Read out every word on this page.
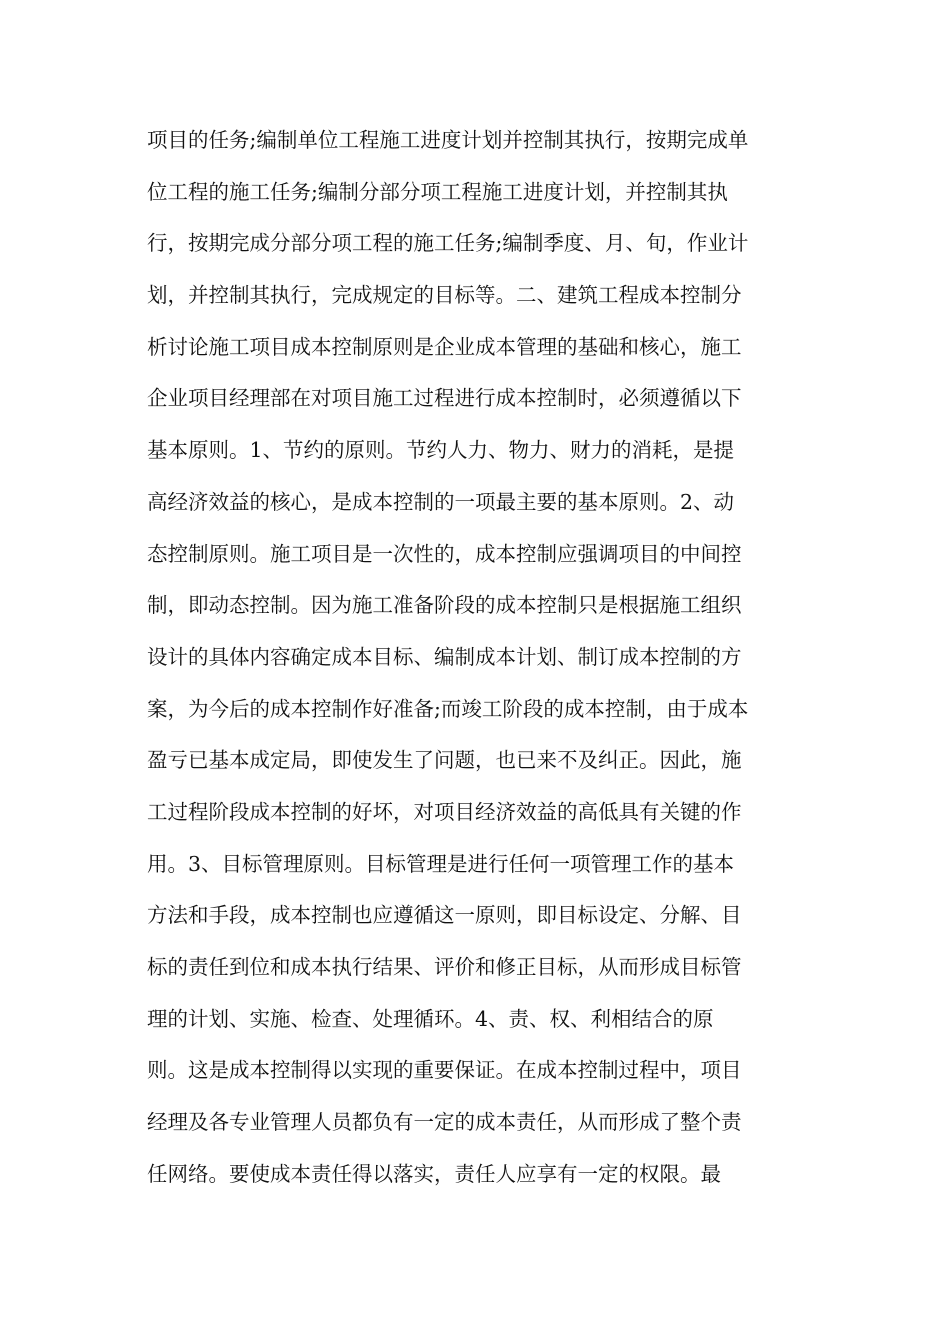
项目的任务;编制单位工程施工进度计划并控制其执行，按期完成单
位工程的施工任务;编制分部分项工程施工进度计划，并控制其执
行，按期完成分部分项工程的施工任务;编制季度、月、旬，作业计
划，并控制其执行，完成规定的目标等。二、建筑工程成本控制分
析讨论施工项目成本控制原则是企业成本管理的基础和核心，施工
企业项目经理部在对项目施工过程进行成本控制时，必须遵循以下
基本原则。1、节约的原则。节约人力、物力、财力的消耗，是提
高经济效益的核心，是成本控制的一项最主要的基本原则。2、动
态控制原则。施工项目是一次性的，成本控制应强调项目的中间控
制，即动态控制。因为施工准备阶段的成本控制只是根据施工组织
设计的具体内容确定成本目标、编制成本计划、制订成本控制的方
案，为今后的成本控制作好准备;而竣工阶段的成本控制，由于成本
盈亏已基本成定局，即使发生了问题，也已来不及纠正。因此，施
工过程阶段成本控制的好坏，对项目经济效益的高低具有关键的作
用。3、目标管理原则。目标管理是进行任何一项管理工作的基本
方法和手段，成本控制也应遵循这一原则，即目标设定、分解、目
标的责任到位和成本执行结果、评价和修正目标，从而形成目标管
理的计划、实施、检查、处理循环。4、责、权、利相结合的原
则。这是成本控制得以实现的重要保证。在成本控制过程中，项目
经理及各专业管理人员都负有一定的成本责任，从而形成了整个责
任网络。要使成本责任得以落实，责任人应享有一定的权限。最
